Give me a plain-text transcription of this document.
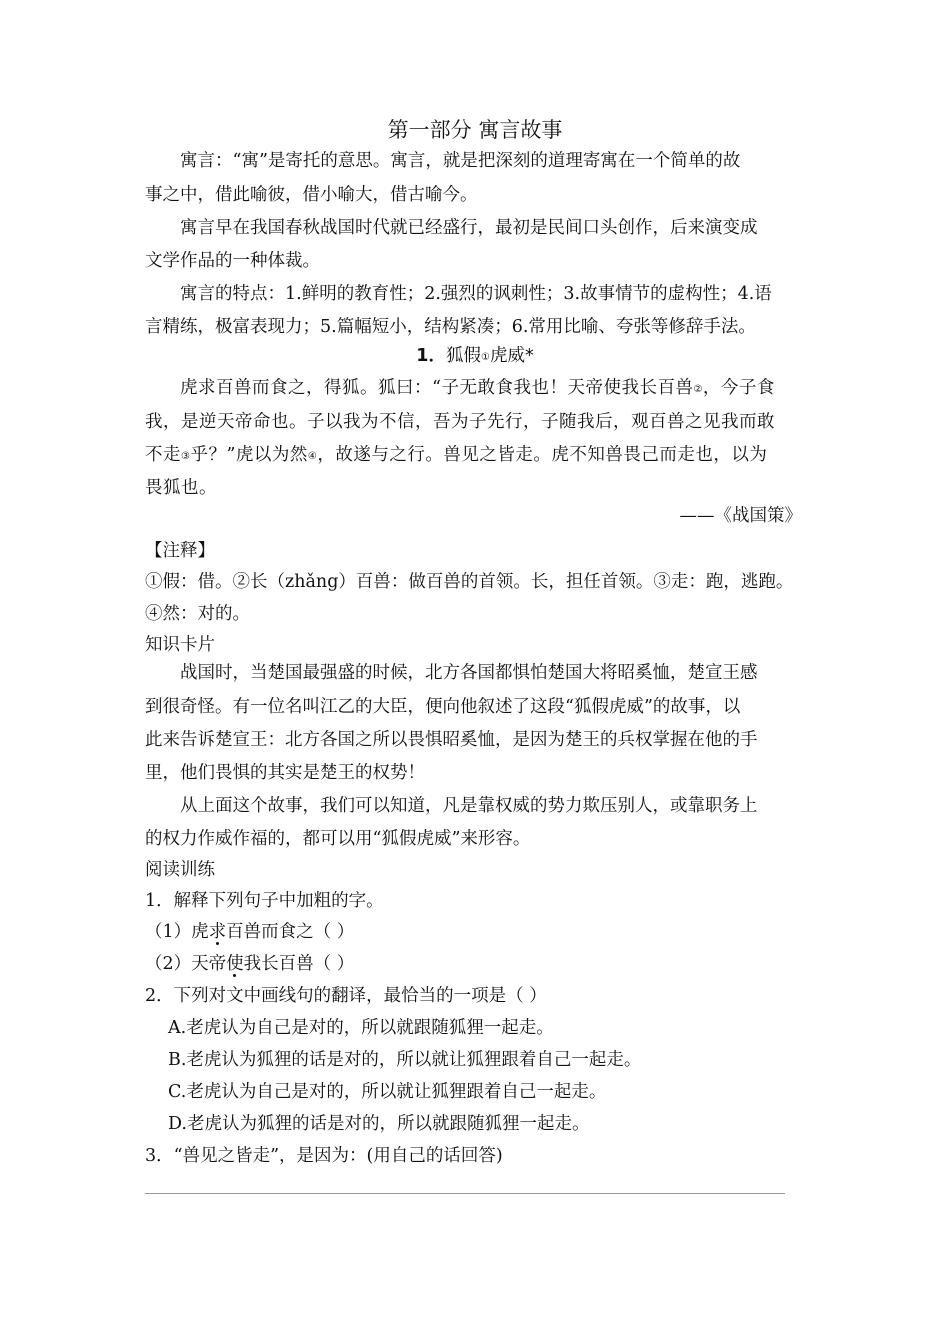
第一部分 寓言故事
寓言：“寓”是寄托的意思。寓言，就是把深刻的道理寄寓在一个简单的故
事之中，借此喻彼，借小喻大，借古喻今。
寓言早在我国春秋战国时代就已经盛行，最初是民间口头创作，后来演变成
文学作品的一种体裁。
寓言的特点：1.鲜明的教育性；2.强烈的讽刺性；3.故事情节的虚构性；4.语
言精练，极富表现力；5.篇幅短小，结构紧凑；6.常用比喻、夸张等修辞手法。
1．狐假①虎威*
虎求百兽而食之，得狐。狐曰：“子无敢食我也！天帝使我长百兽②，今子食
我，是逆天帝命也。子以我为不信，吾为子先行，子随我后，观百兽之见我而敢
不走③乎？”虎以为然④，故遂与之行。兽见之皆走。虎不知兽畏己而走也，以为
畏狐也。
——《战国策》
【注释】
①假：借。②长（zhǎng）百兽：做百兽的首领。长，担任首领。③走：跑，逃跑。
④然：对的。
知识卡片
战国时，当楚国最强盛的时候，北方各国都惧怕楚国大将昭奚恤，楚宣王感
到很奇怪。有一位名叫江乙的大臣，便向他叙述了这段“狐假虎威”的故事，以
此来告诉楚宣王：北方各国之所以畏惧昭奚恤，是因为楚王的兵权掌握在他的手
里，他们畏惧的其实是楚王的权势！
从上面这个故事，我们可以知道，凡是靠权威的势力欺压别人，或靠职务上
的权力作威作福的，都可以用“狐假虎威”来形容。
阅读训练
1．解释下列句子中加粗的字。
（1）虎求百兽而食之（ ）
（2）天帝使我长百兽（ ）
2．下列对文中画线句的翻译，最恰当的一项是（ ）
A.老虎认为自己是对的，所以就跟随狐狸一起走。
B.老虎认为狐狸的话是对的，所以就让狐狸跟着自己一起走。
C.老虎认为自己是对的，所以就让狐狸跟着自己一起走。
D.老虎认为狐狸的话是对的，所以就跟随狐狸一起走。
3．“兽见之皆走”，是因为：(用自己的话回答)
